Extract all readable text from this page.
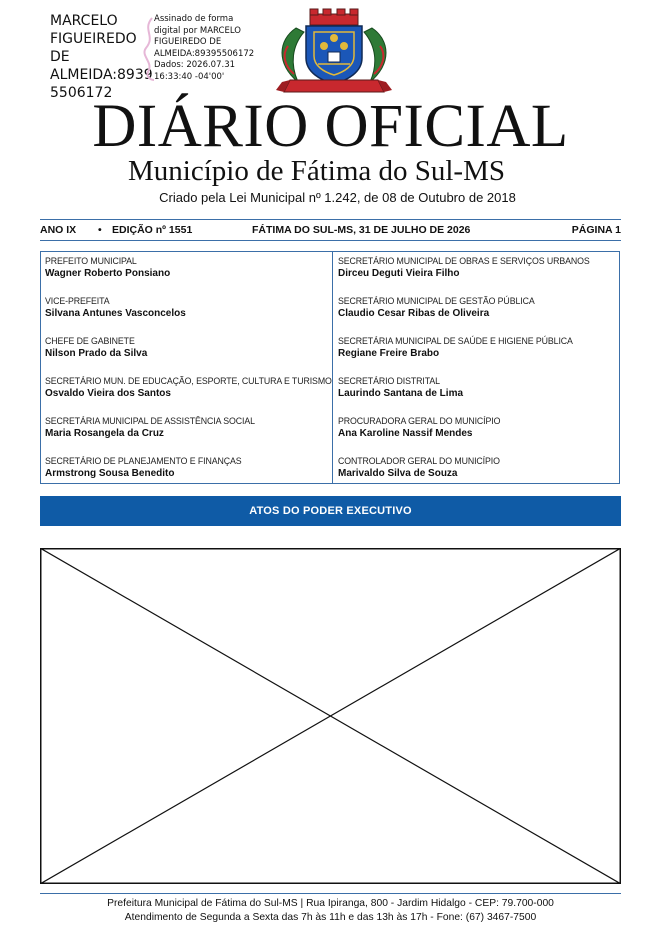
MARCELO
FIGUEIREDO DE
ALMEIDA:8939
5506172
Assinado de forma
digital por MARCELO
FIGUEIREDO DE
ALMEIDA:89395506172
Dados: 2026.07.31
16:33:40 -04'00'
DIÁRIO OFICIAL
Município de Fátima do Sul-MS
Criado pela Lei Municipal nº 1.242, de 08 de Outubro de 2018
ANO IX • EDIÇÃO nº 1551	FÁTIMA DO SUL-MS, 31 DE JULHO DE 2026	PÁGINA 1
PREFEITO MUNICIPAL
Wagner Roberto Ponsiano
VICE-PREFEITA
Silvana Antunes Vasconcelos
CHEFE DE GABINETE
Nilson Prado da Silva
SECRETÁRIO MUN. DE EDUCAÇÃO, ESPORTE, CULTURA E TURISMO
Osvaldo Vieira dos Santos
SECRETÁRIA MUNICIPAL DE ASSISTÊNCIA SOCIAL
Maria Rosangela da Cruz
SECRETÁRIO DE PLANEJAMENTO E FINANÇAS
Armstrong Sousa Benedito
SECRETÁRIO MUNICIPAL DE OBRAS E SERVIÇOS URBANOS
Dirceu Deguti Vieira Filho
SECRETÁRIO MUNICIPAL DE GESTÃO PÚBLICA
Claudio Cesar Ribas de Oliveira
SECRETÁRIA MUNICIPAL DE SAÚDE E HIGIENE PÚBLICA
Regiane Freire Brabo
SECRETÁRIO DISTRITAL
Laurindo Santana de Lima
PROCURADORA GERAL DO MUNICÍPIO
Ana Karoline Nassif Mendes
CONTROLADOR GERAL DO MUNICÍPIO
Marivaldo Silva de Souza
ATOS DO PODER EXECUTIVO
Prefeitura Municipal de Fátima do Sul-MS | Rua Ipiranga, 800 - Jardim Hidalgo - CEP: 79.700-000
Atendimento de Segunda a Sexta das 7h às 11h e das 13h às 17h - Fone: (67) 3467-7500
